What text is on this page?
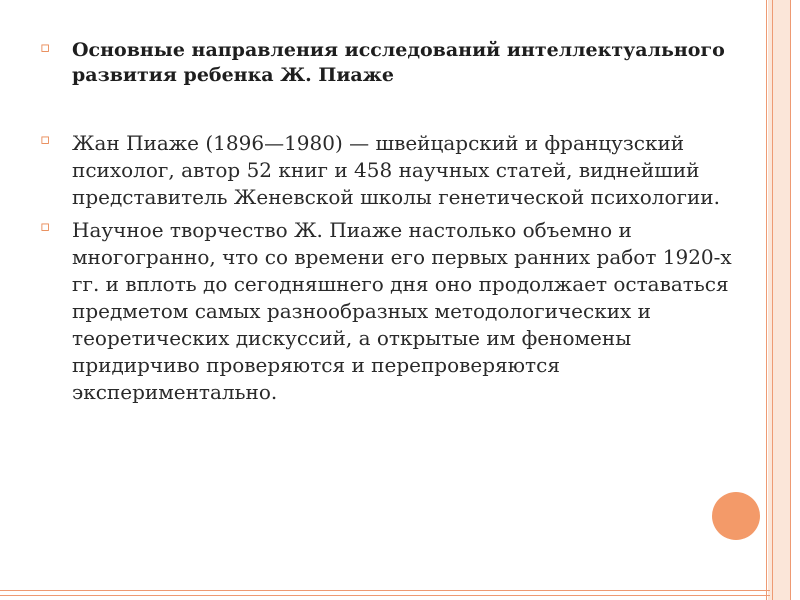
▫ Основные направления исследований интеллектуального развития ребенка Ж. Пиаже
▫ Жан Пиаже (1896—1980) — швейцарский и французский психолог, автор 52 книг и 458 научных статей, виднейший представитель Женевской школы генетической психологии.
▫ Научное творчество Ж. Пиаже настолько объемно и многогранно, что со времени его первых ранних работ 1920-х гг. и вплоть до сегодняшнего дня оно продолжает оставаться предметом самых разнообразных методологических и теоретических дискуссий, а открытые им феномены придирчиво проверяются и перепроверяются экспериментально.
